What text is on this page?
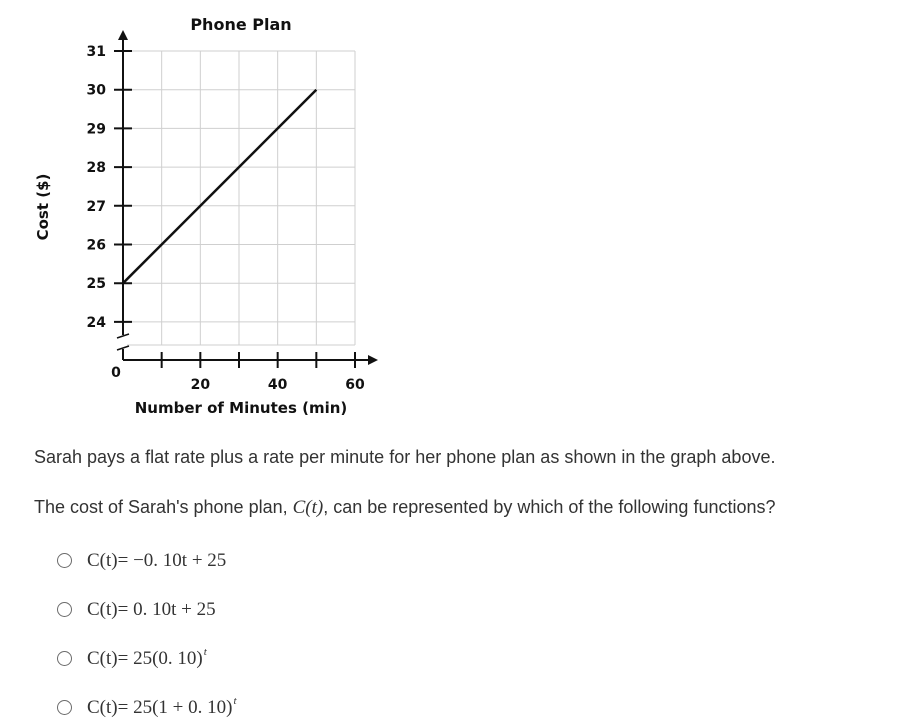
24
25
26
27
28
29
30
31
20	40	60
0
Phone Plan
Number of Minutes (min)
Cost ($)
Sarah pays a flat rate plus a rate per minute for her phone plan as shown in the graph above.
The cost of Sarah's phone plan, C(t), can be represented by which of the following functions?
C(t)= −0. 10t + 25
C(t)= 0. 10t + 25
C(t)= 25(0. 10)$^t$
C(t)= 25(1 + 0. 10)$^t$
